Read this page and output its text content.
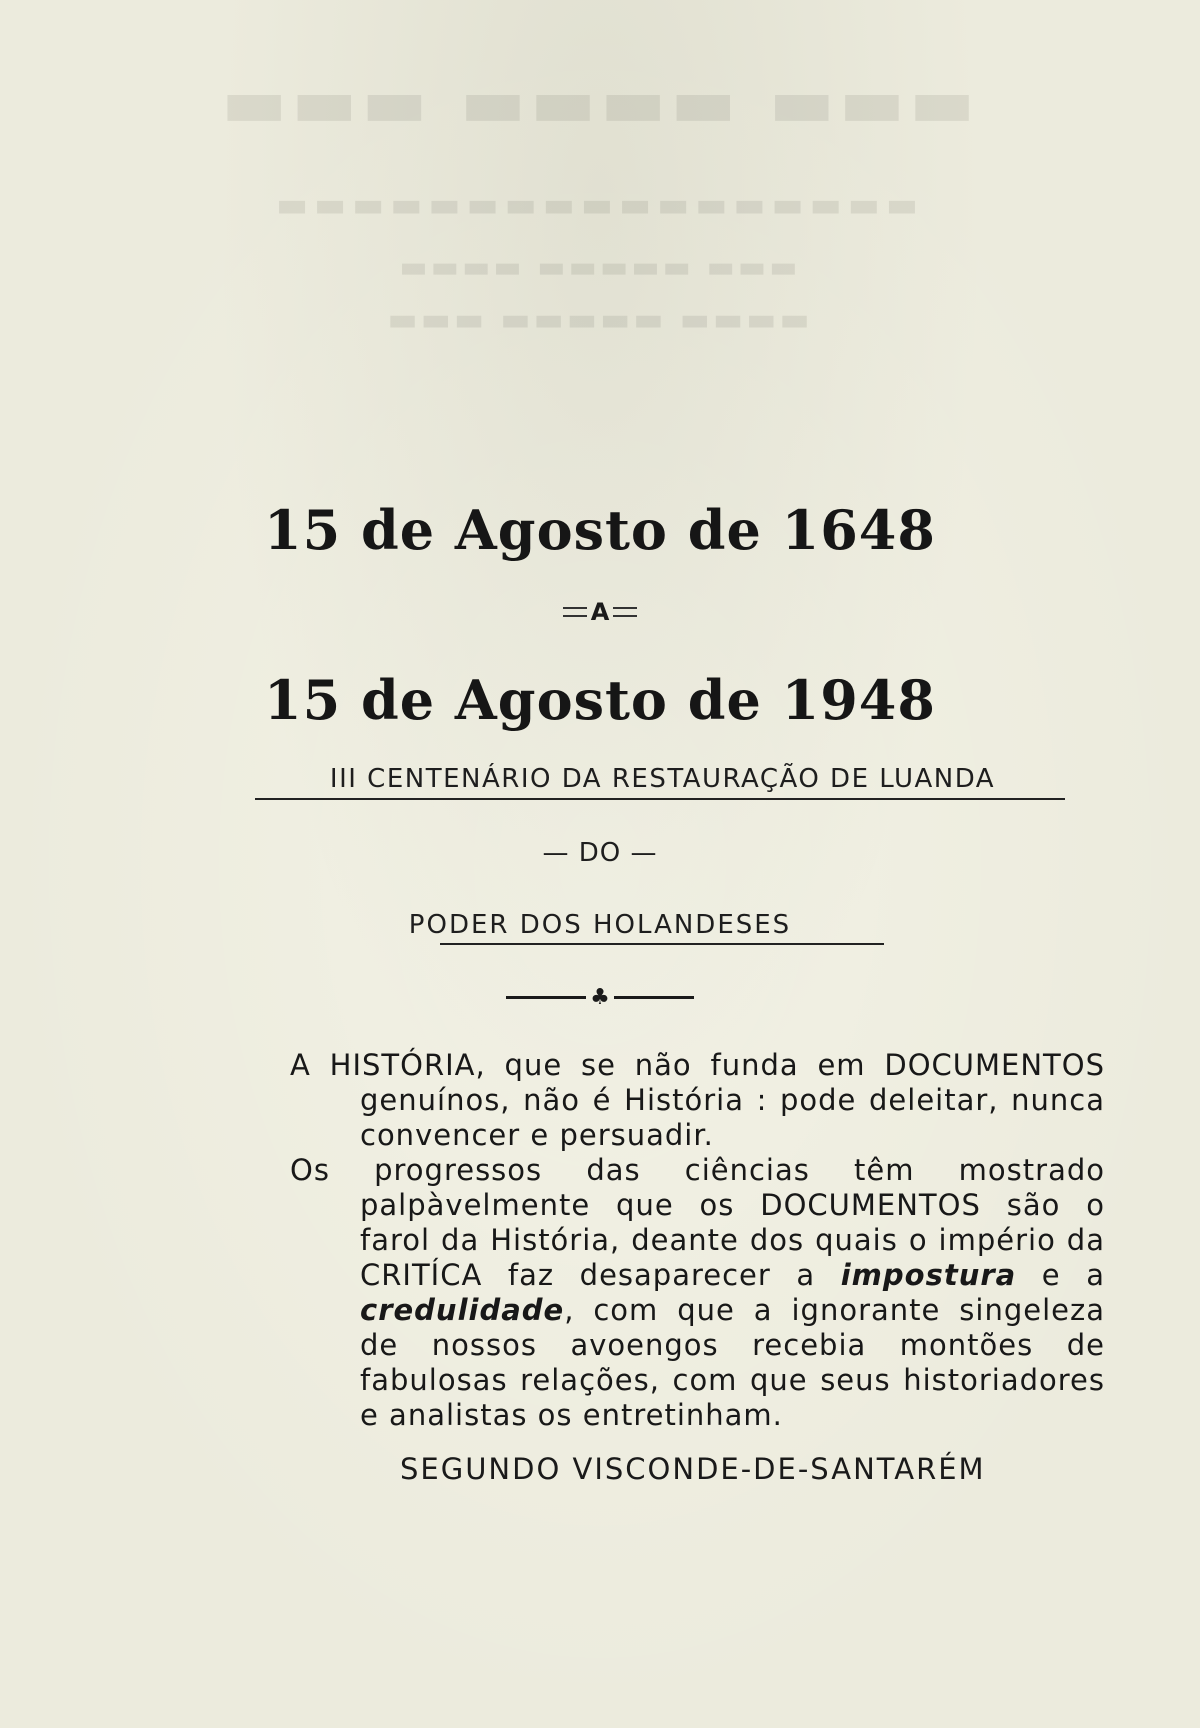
▬▬▬ ▬▬▬▬ ▬▬▬
▬▬▬▬▬▬▬▬▬▬▬▬▬▬▬▬▬
▬▬▬▬ ▬▬▬▬▬ ▬▬▬
▬▬▬ ▬▬▬▬▬ ▬▬▬▬
15 de Agosto de 1648
A
15 de Agosto de 1948
III CENTENÁRIO DA RESTAURAÇÃO DE LUANDA
— DO —
PODER DOS HOLANDESES
♣

A HISTÓRIA, que se não funda em DOCUMENTOS genuínos, não é História : pode deleitar, nunca convencer e persuadir.

Os progressos das ciências têm mostrado palpàvelmente que os DOCUMENTOS são o farol da História, deante dos quais o império da CRITÍCA faz desaparecer a impostura e a credulidade, com que a ignorante singeleza de nossos avoengos recebia montões de fabulosas relações, com que seus historiadores e analistas os entretinham.

SEGUNDO VISCONDE-DE-SANTARÉM
